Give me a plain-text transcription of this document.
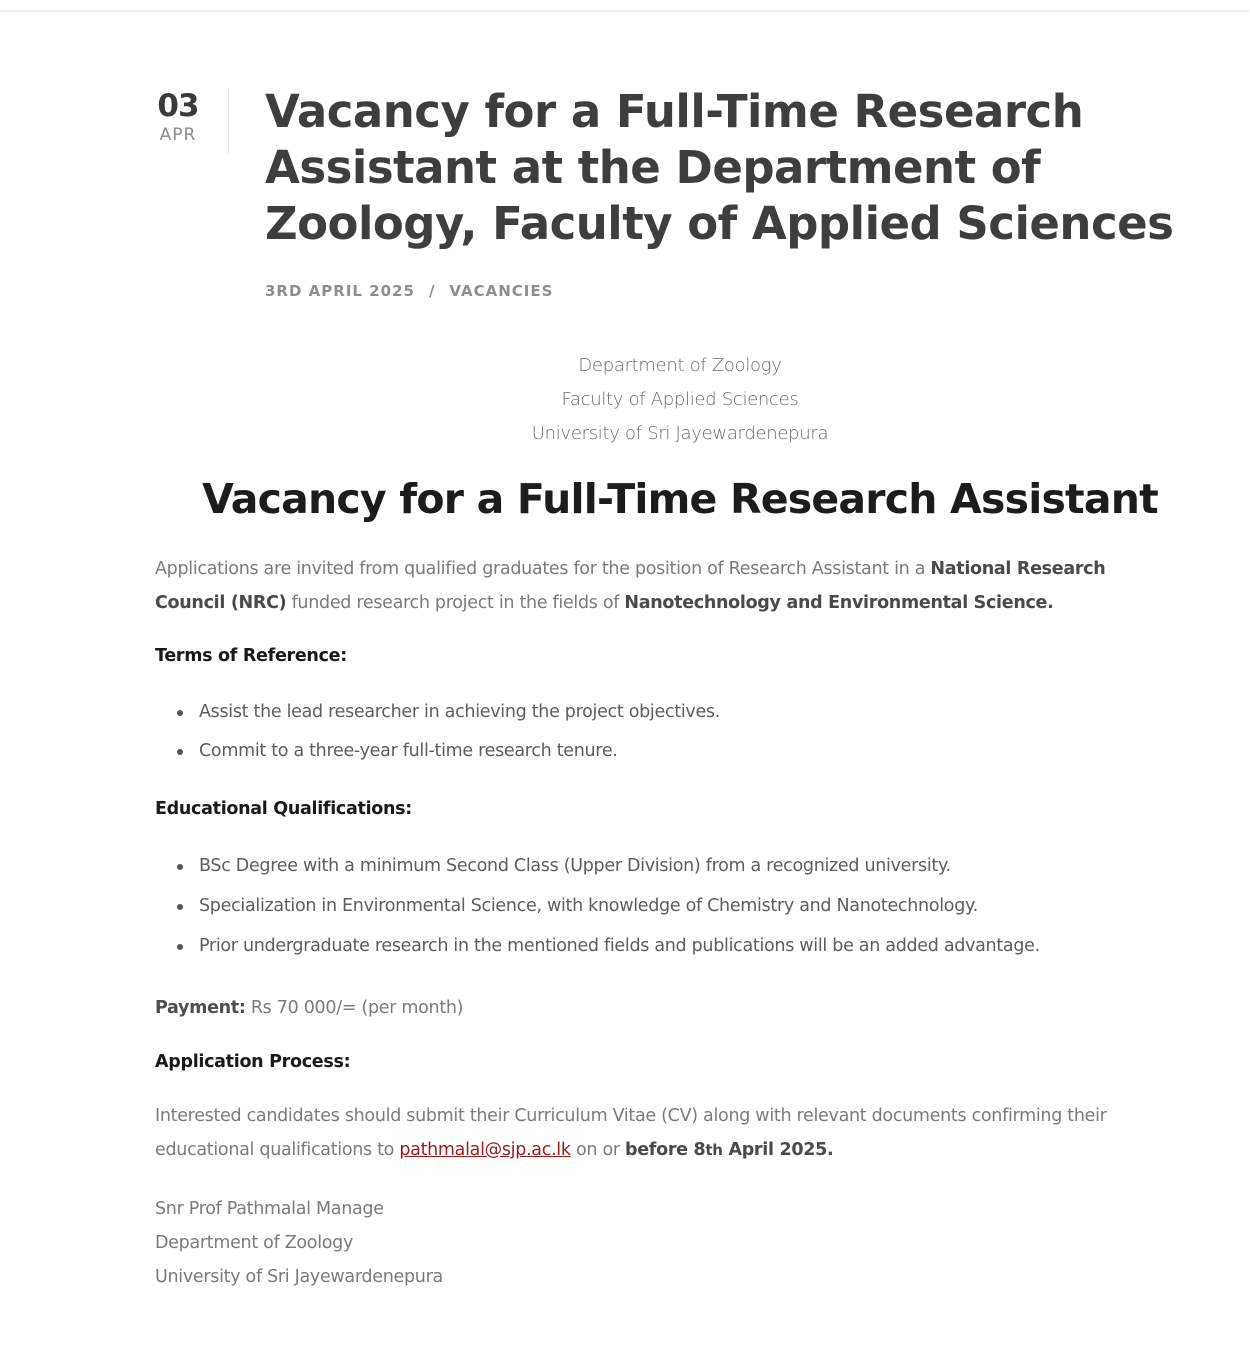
03
APR Vacancy for a Full-Time Research Assistant at the Department of Zoology, Faculty of Applied Sciences
3RD APRIL 2025 / VACANCIES
Department of Zoology
Faculty of Applied Sciences
University of Sri Jayewardenepura
Vacancy for a Full-Time Research Assistant

Applications are invited from qualified graduates for the position of Research Assistant in a National Research Council (NRC) funded research project in the fields of Nanotechnology and Environmental Science.

Terms of Reference:
Assist the lead researcher in achieving the project objectives.
Commit to a three-year full-time research tenure.
Educational Qualifications:
BSc Degree with a minimum Second Class (Upper Division) from a recognized university.
Specialization in Environmental Science, with knowledge of Chemistry and Nanotechnology.
Prior undergraduate research in the mentioned fields and publications will be an added advantage.

Payment: Rs 70 000/= (per month)

Application Process:

Interested candidates should submit their Curriculum Vitae (CV) along with relevant documents confirming their educational qualifications to pathmalal@sjp.ac.lk on or before 8th April 2025.

Snr Prof Pathmalal Manage
Department of Zoology
University of Sri Jayewardenepura
